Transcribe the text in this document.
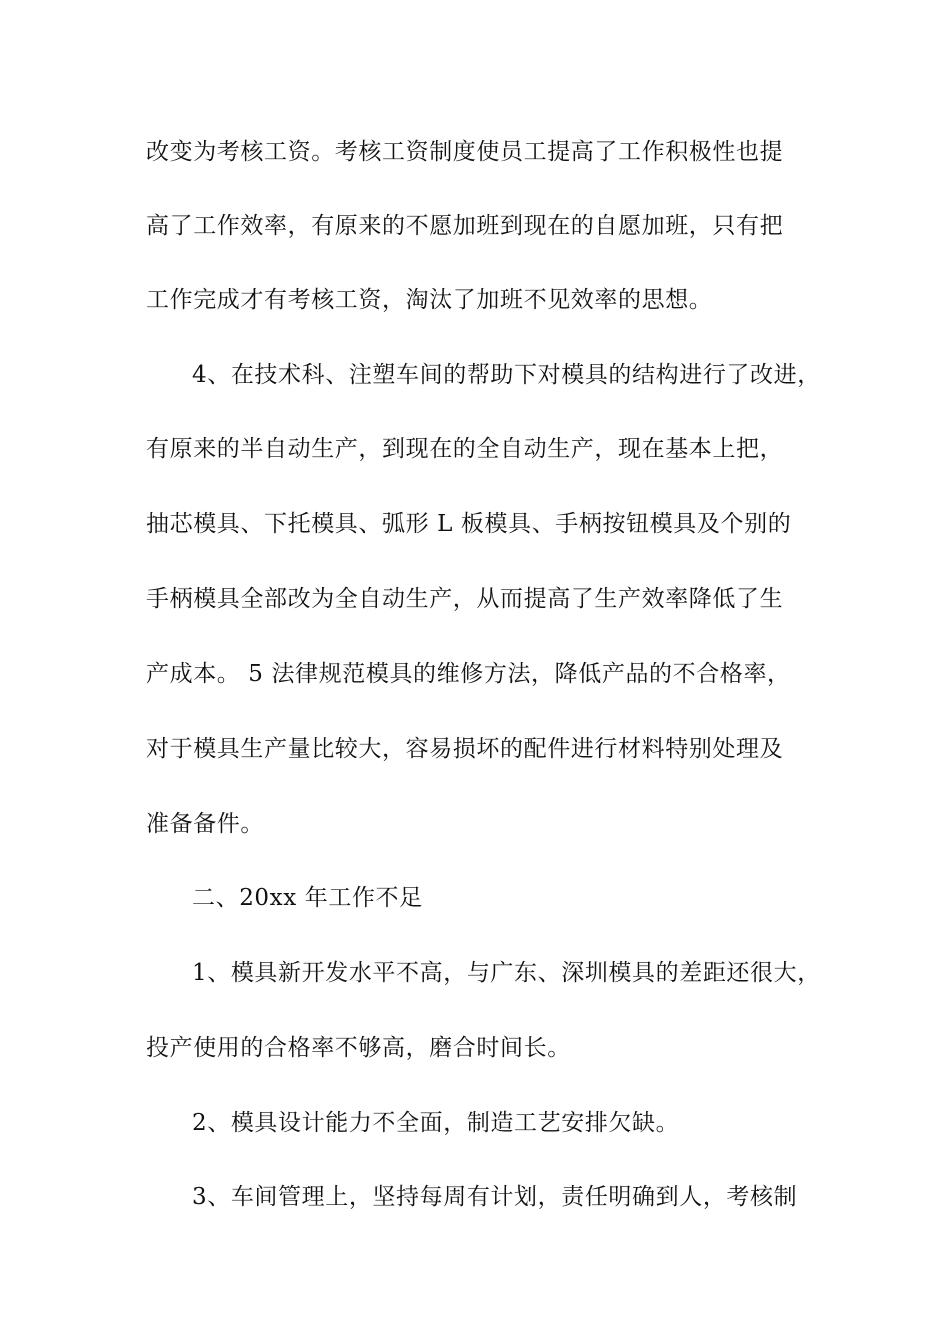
改变为考核工资。考核工资制度使员工提高了工作积极性也提
高了工作效率，有原来的不愿加班到现在的自愿加班，只有把
工作完成才有考核工资，淘汰了加班不见效率的思想。
4、在技术科、注塑车间的帮助下对模具的结构进行了改进，
有原来的半自动生产，到现在的全自动生产，现在基本上把，
抽芯模具、下托模具、弧形 L 板模具、手柄按钮模具及个别的
手柄模具全部改为全自动生产，从而提高了生产效率降低了生
产成本。 5 法律规范模具的维修方法，降低产品的不合格率，
对于模具生产量比较大，容易损坏的配件进行材料特别处理及
准备备件。
二、20xx 年工作不足
1、模具新开发水平不高，与广东、深圳模具的差距还很大，
投产使用的合格率不够高，磨合时间长。
2、模具设计能力不全面，制造工艺安排欠缺。
3、车间管理上，坚持每周有计划，责任明确到人，考核制
